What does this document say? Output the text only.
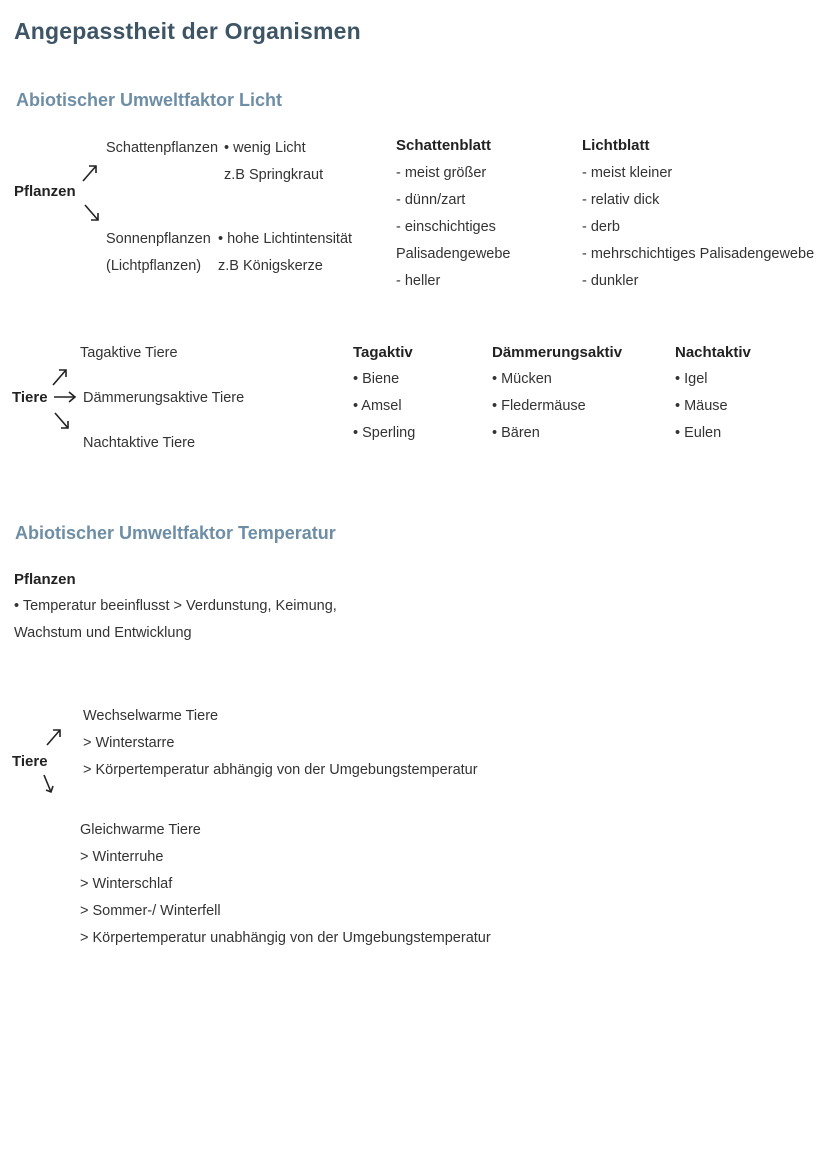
Angepasstheit der Organismen
Abiotischer Umweltfaktor Licht
Pflanzen
Schattenpflanzen • wenig Licht
z.B Springkraut
Sonnenpflanzen
(Lichtpflanzen)
• hohe Lichtintensität
z.B Königskerze
Schattenblatt
- meist größer
- dünn/zart
- einschichtiges
Palisadengewebe
- heller
Lichtblatt
- meist kleiner
- relativ dick
- derb
- mehrschichtiges Palisadengewebe
- dunkler
Tiere
Tagaktive Tiere
Dämmerungsaktive Tiere
Nachtaktive Tiere
Tagaktiv
• Biene
• Amsel
• Sperling
Dämmerungsaktiv
• Mücken
• Fledermäuse
• Bären
Nachtaktiv
• Igel
• Mäuse
• Eulen
Abiotischer Umweltfaktor Temperatur
Pflanzen
• Temperatur beeinflusst > Verdunstung, Keimung,
Wachstum und Entwicklung
Tiere
Wechselwarme Tiere
> Winterstarre
> Körpertemperatur abhängig von der Umgebungstemperatur
Gleichwarme Tiere
> Winterruhe
> Winterschlaf
> Sommer-/ Winterfell
> Körpertemperatur unabhängig von der Umgebungstemperatur
